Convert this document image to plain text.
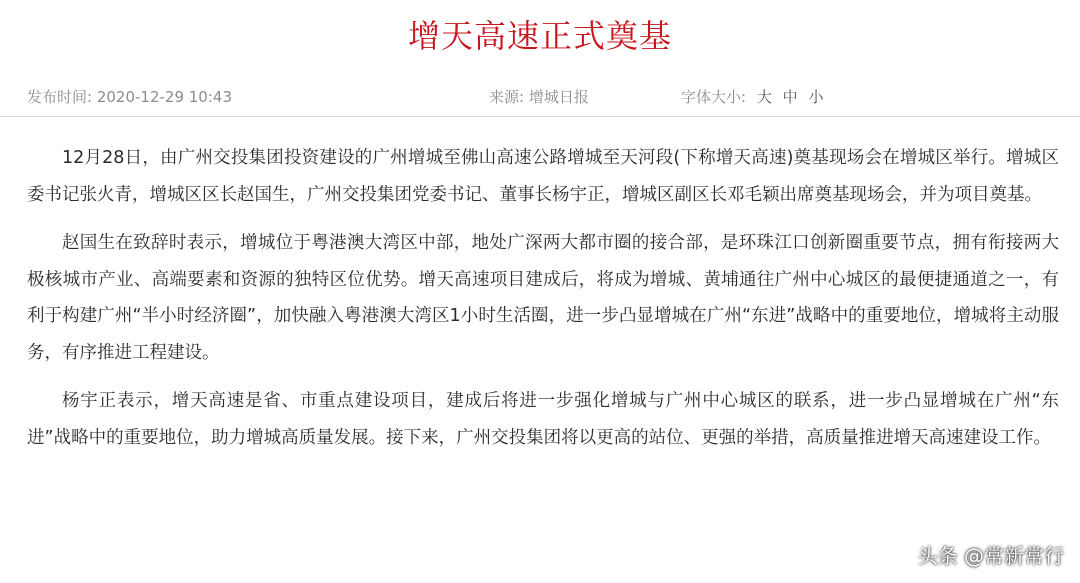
增天高速正式奠基
发布时间: 2020-12-29 10:43	来源: 增城日报	字体大小: 大 中 小

12月28日，由广州交投集团投资建设的广州增城至佛山高速公路增城至天河段(下称增天高速)奠基现场会在增城区举行。增城区委书记张火青，增城区区长赵国生，广州交投集团党委书记、董事长杨宇正，增城区副区长邓毛颖出席奠基现场会，并为项目奠基。

赵国生在致辞时表示，增城位于粤港澳大湾区中部，地处广深两大都市圈的接合部，是环珠江口创新圈重要节点，拥有衔接两大极核城市产业、高端要素和资源的独特区位优势。增天高速项目建成后，将成为增城、黄埔通往广州中心城区的最便捷通道之一，有利于构建广州“半小时经济圈”，加快融入粤港澳大湾区1小时生活圈，进一步凸显增城在广州“东进”战略中的重要地位，增城将主动服务，有序推进工程建设。

杨宇正表示，增天高速是省、市重点建设项目，建成后将进一步强化增城与广州中心城区的联系，进一步凸显增城在广州“东进”战略中的重要地位，助力增城高质量发展。接下来，广州交投集团将以更高的站位、更强的举措，高质量推进增天高速建设工作。

头条 @常新常行
